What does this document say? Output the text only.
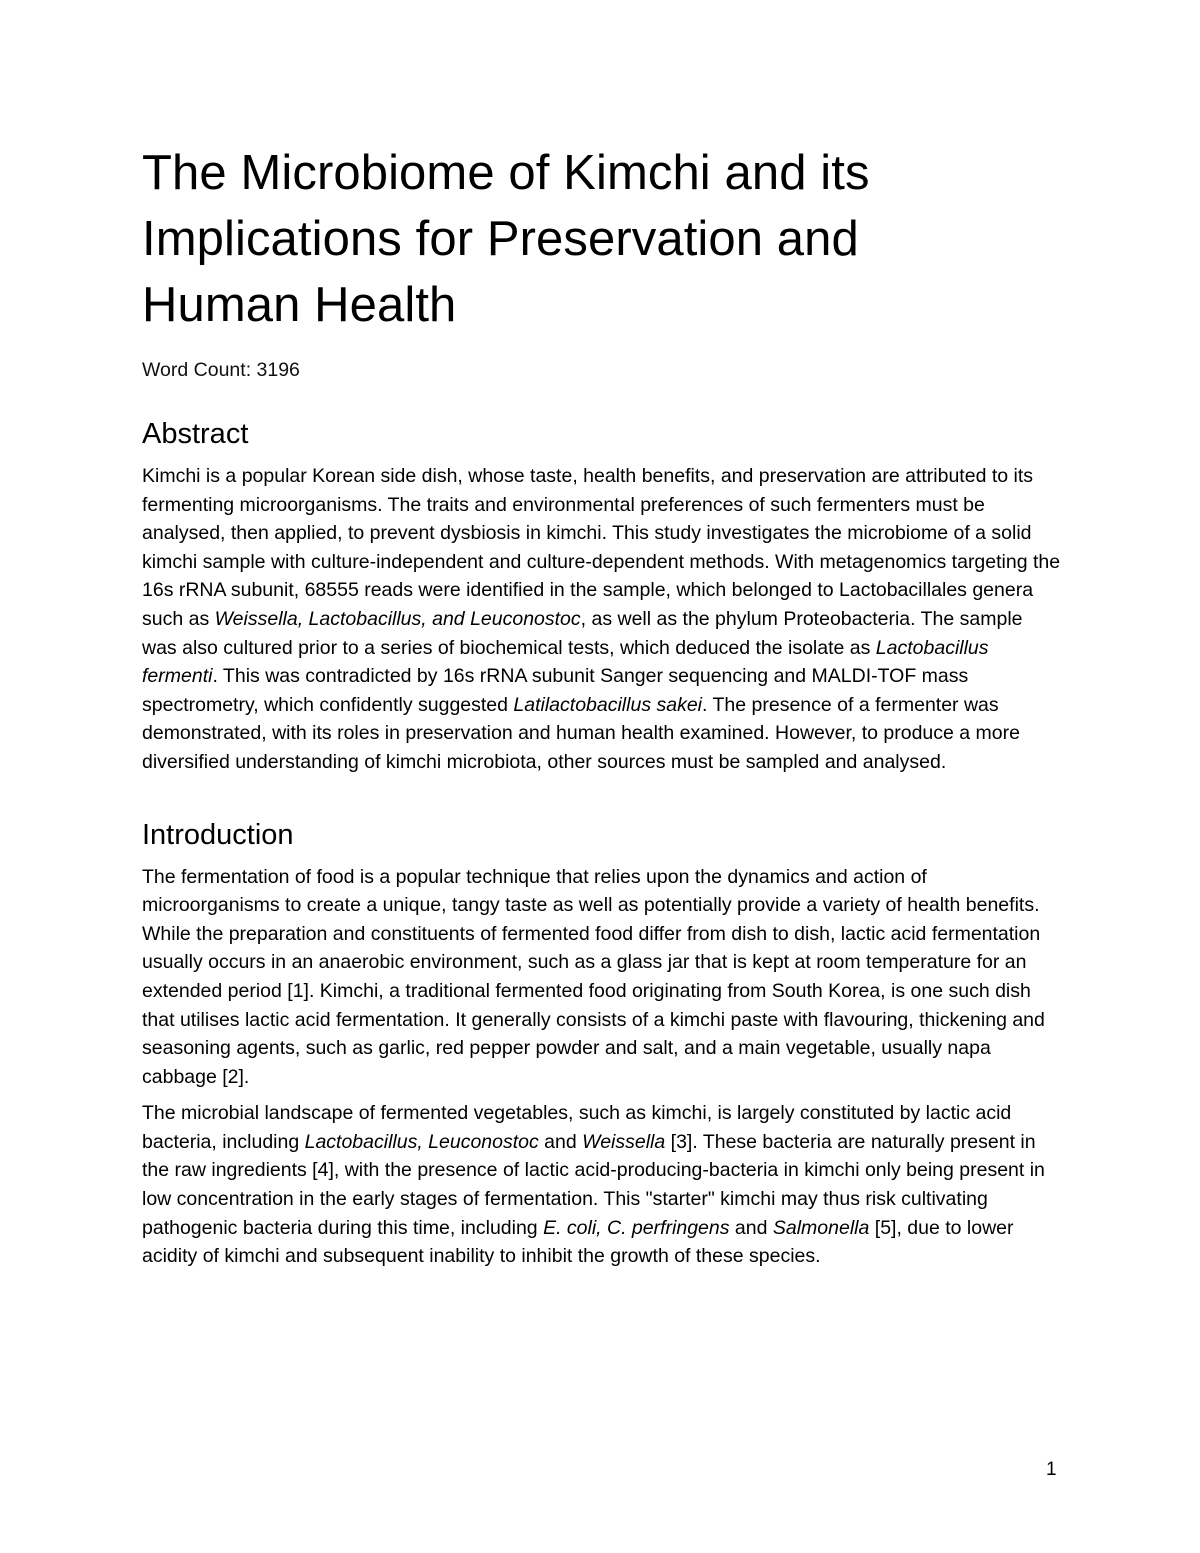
The Microbiome of Kimchi and its
Implications for Preservation and
Human Health

Word Count: 3196

Abstract

Kimchi is a popular Korean side dish, whose taste, health benefits, and preservation are attributed to its fermenting microorganisms. The traits and environmental preferences of such fermenters must be analysed, then applied, to prevent dysbiosis in kimchi. This study investigates the microbiome of a solid kimchi sample with culture-independent and culture-dependent methods. With metagenomics targeting the 16s rRNA subunit, 68555 reads were identified in the sample, which belonged to Lactobacillales genera such as Weissella, Lactobacillus, and Leuconostoc, as well as the phylum Proteobacteria. The sample was also cultured prior to a series of biochemical tests, which deduced the isolate as Lactobacillus fermenti. This was contradicted by 16s rRNA subunit Sanger sequencing and MALDI-TOF mass spectrometry, which confidently suggested Latilactobacillus sakei. The presence of a fermenter was demonstrated, with its roles in preservation and human health examined. However, to produce a more diversified understanding of kimchi microbiota, other sources must be sampled and analysed.

Introduction

The fermentation of food is a popular technique that relies upon the dynamics and action of microorganisms to create a unique, tangy taste as well as potentially provide a variety of health benefits. While the preparation and constituents of fermented food differ from dish to dish, lactic acid fermentation usually occurs in an anaerobic environment, such as a glass jar that is kept at room temperature for an extended period [1]. Kimchi, a traditional fermented food originating from South Korea, is one such dish that utilises lactic acid fermentation. It generally consists of a kimchi paste with flavouring, thickening and seasoning agents, such as garlic, red pepper powder and salt, and a main vegetable, usually napa cabbage [2].

The microbial landscape of fermented vegetables, such as kimchi, is largely constituted by lactic acid bacteria, including Lactobacillus, Leuconostoc and Weissella [3]. These bacteria are naturally present in the raw ingredients [4], with the presence of lactic acid-producing-bacteria in kimchi only being present in low concentration in the early stages of fermentation. This "starter" kimchi may thus risk cultivating pathogenic bacteria during this time, including E. coli, C. perfringens and Salmonella [5], due to lower acidity of kimchi and subsequent inability to inhibit the growth of these species.

1
